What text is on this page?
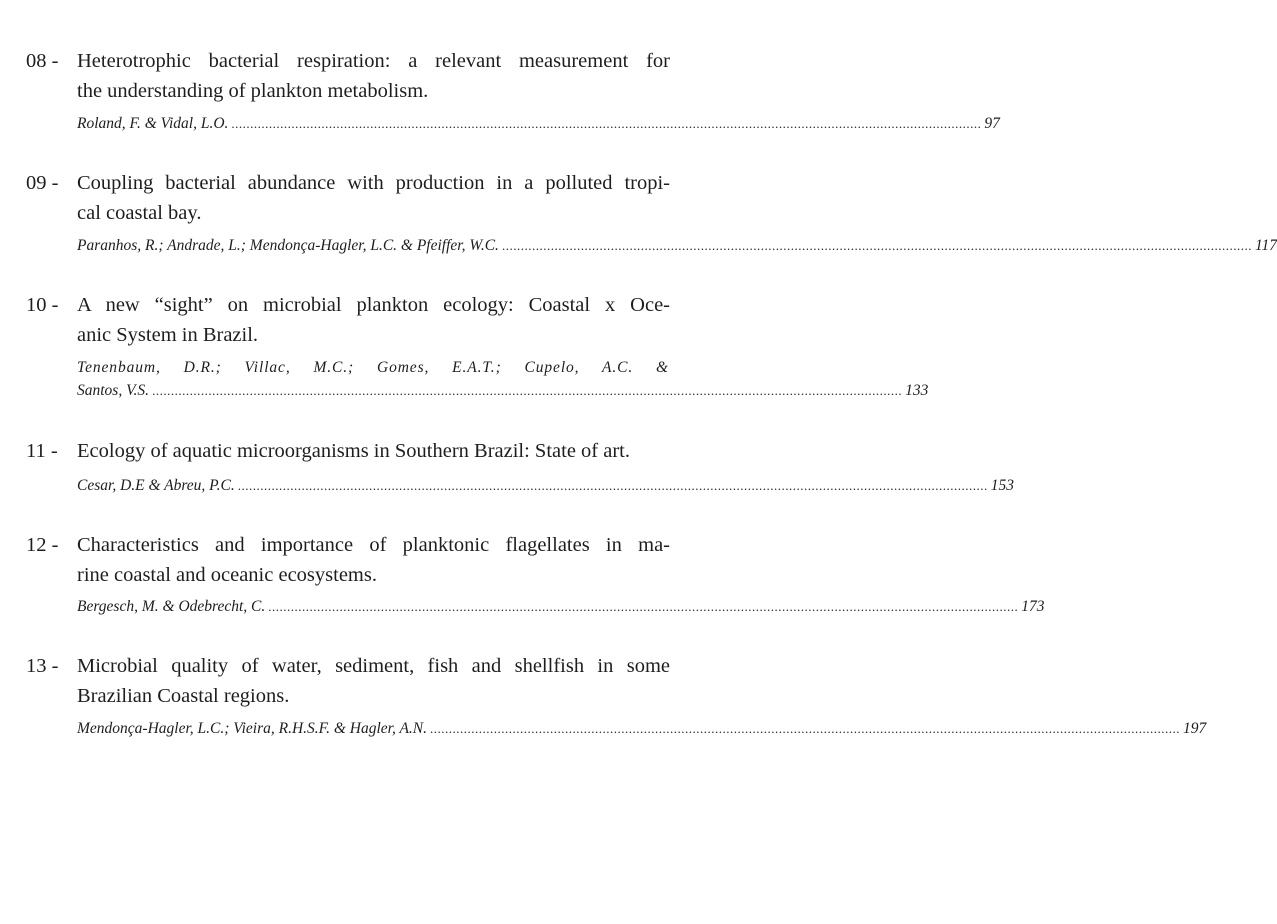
08 - Heterotrophic bacterial respiration: a relevant measurement for
the understanding of plankton metabolism.
Roland, F. & Vidal, L.O. ........................................................................................................................................................................................................ 97
09 - Coupling bacterial abundance with production in a polluted tropi-
cal coastal bay.
Paranhos, R.; Andrade, L.; Mendonça-Hagler, L.C. & Pfeiffer, W.C. ........................................................................................................................................................................................................ 117
10 - A new “sight” on microbial plankton ecology: Coastal x Oce-
anic System in Brazil.
Tenenbaum, D.R.; Villac, M.C.; Gomes, E.A.T.; Cupelo, A.C. &
Santos, V.S. ........................................................................................................................................................................................................ 133
11 - Ecology of aquatic microorganisms in Southern Brazil: State of art.
Cesar, D.E & Abreu, P.C. ........................................................................................................................................................................................................ 153
12 - Characteristics and importance of planktonic flagellates in ma-
rine coastal and oceanic ecosystems.
Bergesch, M. & Odebrecht, C. ........................................................................................................................................................................................................ 173
13 - Microbial quality of water, sediment, fish and shellfish in some
Brazilian Coastal regions.
Mendonça-Hagler, L.C.; Vieira, R.H.S.F. & Hagler, A.N. ........................................................................................................................................................................................................ 197
